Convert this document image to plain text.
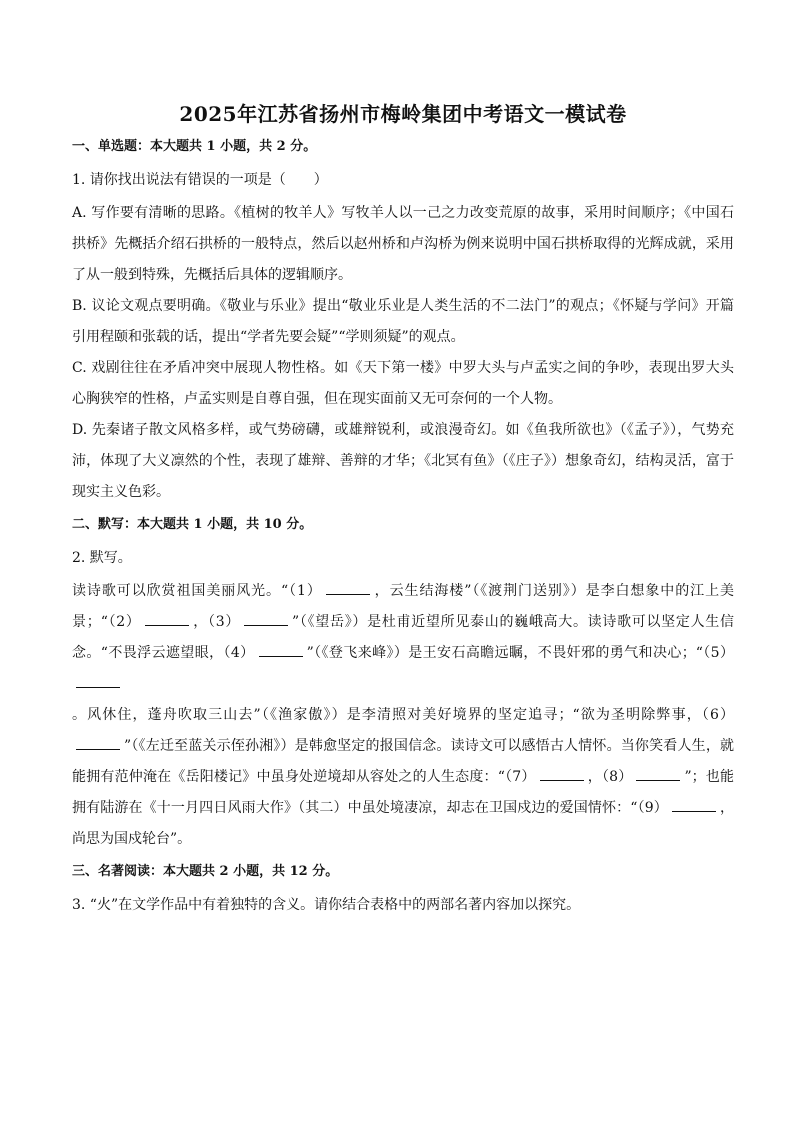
2025年江苏省扬州市梅岭集团中考语文一模试卷
一、单选题：本大题共 1 小题，共 2 分。
1. 请你找出说法有错误的一项是（　　）

A. 写作要有清晰的思路。《植树的牧羊人》写牧羊人以一己之力改变荒原的故事，采用时间顺序；《中国石拱桥》先概括介绍石拱桥的一般特点，然后以赵州桥和卢沟桥为例来说明中国石拱桥取得的光辉成就，采用了从一般到特殊，先概括后具体的逻辑顺序。

B. 议论文观点要明确。《敬业与乐业》提出“敬业乐业是人类生活的不二法门”的观点；《怀疑与学问》开篇引用程颐和张载的话，提出“学者先要会疑”“学则须疑”的观点。

C. 戏剧往往在矛盾冲突中展现人物性格。如《天下第一楼》中罗大头与卢孟实之间的争吵，表现出罗大头心胸狭窄的性格，卢孟实则是自尊自强，但在现实面前又无可奈何的一个人物。

D. 先秦诸子散文风格多样，或气势磅礴，或雄辩锐利，或浪漫奇幻。如《鱼我所欲也》（《孟子》），气势充沛，体现了大义凛然的个性，表现了雄辩、善辩的才华；《北冥有鱼》（《庄子》）想象奇幻，结构灵活，富于现实主义色彩。

二、默写：本大题共 1 小题，共 10 分。
2. 默写。

读诗歌可以欣赏祖国美丽风光。“（1）	，云生结海楼”（《渡荆门送别》）是李白想象中的江上美景；“（2）	，（3）	”（《望岳》）是杜甫近望所见泰山的巍峨高大。读诗歌可以坚定人生信念。“不畏浮云遮望眼，（4）	”（《登飞来峰》）是王安石高瞻远瞩，不畏奸邪的勇气和决心；“（5）。风休住，蓬舟吹取三山去”（《渔家傲》）是李清照对美好境界的坚定追寻；“欲为圣明除弊事，（6）”（《左迁至蓝关示侄孙湘》）是韩愈坚定的报国信念。读诗文可以感悟古人情怀。当你笑看人生，就能拥有范仲淹在《岳阳楼记》中虽身处逆境却从容处之的人生态度：“（7）	，（8）	”；也能拥有陆游在《十一月四日风雨大作》（其二）中虽处境凄凉，却志在卫国戍边的爱国情怀：“（9）	，尚思为国戍轮台”。

三、名著阅读：本大题共 2 小题，共 12 分。
3. “火”在文学作品中有着独特的含义。请你结合表格中的两部名著内容加以探究。
